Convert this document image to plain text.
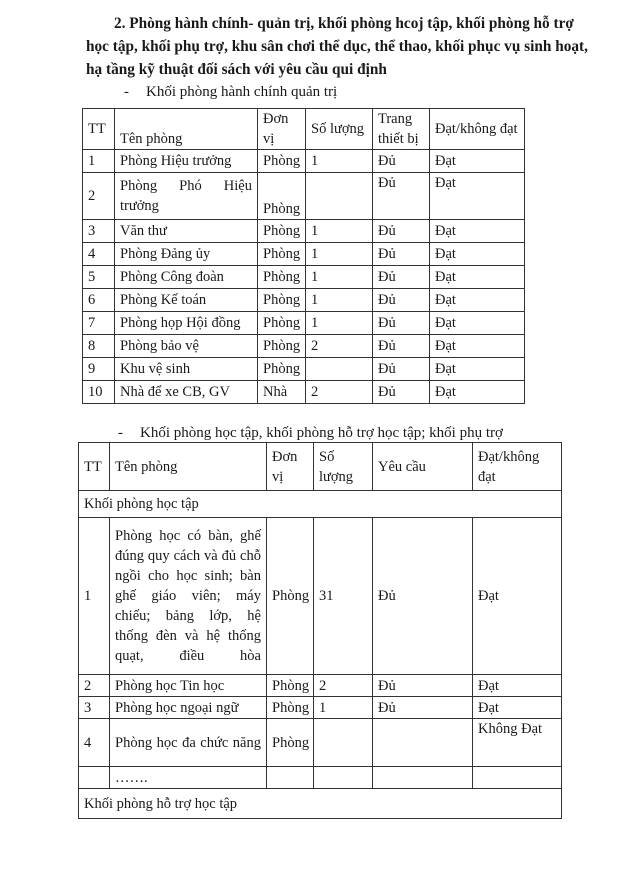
2. Phòng hành chính- quản trị, khối phòng hcoj tập, khối phòng hỗ trợ
học tập, khối phụ trợ, khu sân chơi thể dục, thể thao, khối phục vụ sinh hoạt,
hạ tầng kỹ thuật đối sách với yêu cầu qui định
- Khối phòng hành chính quản trị
TT	Tên phòng	Đơn vị	Số lượng	Trang thiết bị	Đạt/không đạt
1	Phòng Hiệu trưởng	Phòng	1	Đủ	Đạt
2	Phòng Phó Hiệu trưởng	Phòng		Đủ	Đạt
3	Văn thư	Phòng	1	Đủ	Đạt
4	Phòng Đảng ủy	Phòng	1	Đủ	Đạt
5	Phòng Công đoàn	Phòng	1	Đủ	Đạt
6	Phòng Kế toán	Phòng	1	Đủ	Đạt
7	Phòng họp Hội đồng	Phòng	1	Đủ	Đạt
8	Phòng bảo vệ	Phòng	2	Đủ	Đạt
9	Khu vệ sinh	Phòng		Đủ	Đạt
10	Nhà để xe CB, GV	Nhà	2	Đủ	Đạt
- Khối phòng học tập, khối phòng hỗ trợ học tập; khối phụ trợ
TT	Tên phòng	Đơn vị	Số lượng	Yêu cầu	Đạt/không đạt
Khối phòng học tập					
1	Phòng học có bàn, ghế đúng quy cách và đủ chỗ ngồi cho học sinh; bàn ghế giáo viên; máy chiếu; bảng lớp, hệ thống đèn và hệ thống quạt, điều hòa	Phòng	31	Đủ	Đạt
2	Phòng học Tin học	Phòng	2	Đủ	Đạt
3	Phòng học ngoại ngữ	Phòng	1	Đủ	Đạt
4	Phòng học đa chức năng	Phòng			Không Đạt
	…….				
Khối phòng hỗ trợ học tập					
